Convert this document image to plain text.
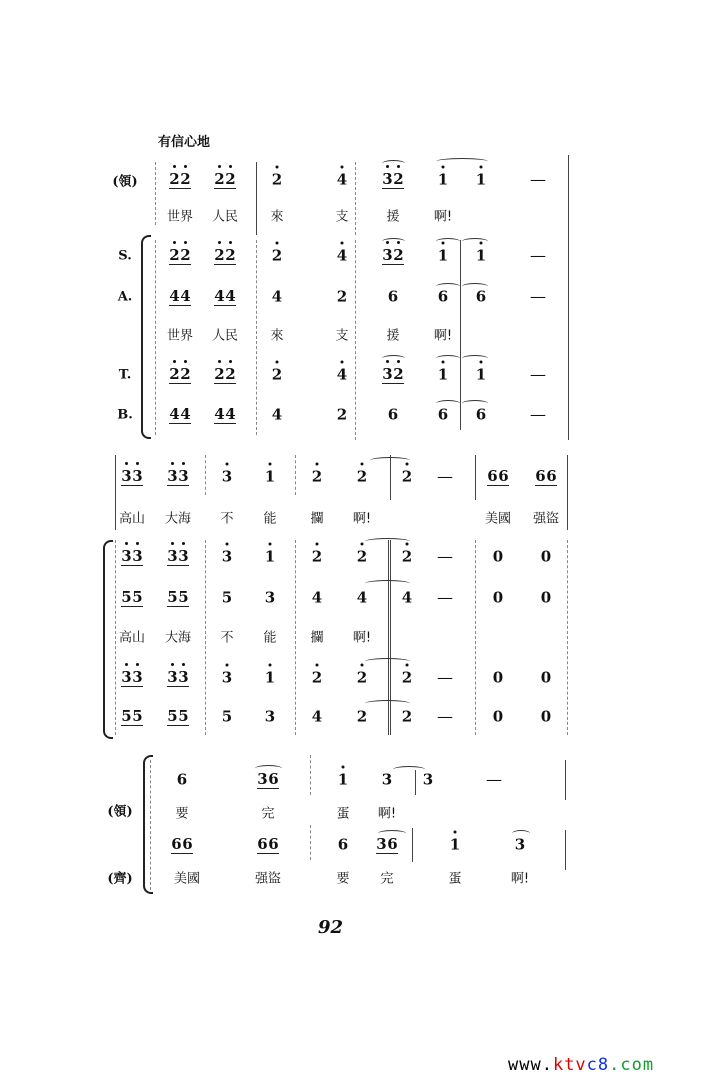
有信心地
92
www.ktvc8.com
(領) 22 22 2	4 32 1 1	—
世界 人民 來	支	援	啊!
S.	22 22 2	4 32 1 1	—
A. 44 44 4	2	6	6 6	—
世界 人民 來	支	援	啊!
T.	22 22 2	4 32 1 1	—
B. 44 44 4	2	6	6 6	—
33 33 3 1 2 2 2 — 66 66
高山 大海 不 能	攔 啊!	美國 强盜
33 33 3 1 2 2 2 —	0	0
55 55 5 3 4 4 4 —	0	0
高山 大海 不 能	攔 啊!
33 33 3 1 2 2 2 —	0	0
55 55 5 3 4 2 2 —	0	0
6	36	1 3 3	—
(領)	要	完	蛋 啊!
66	66	6 36	1	3
(齊)	美國	强盜	要 完	蛋	啊!
